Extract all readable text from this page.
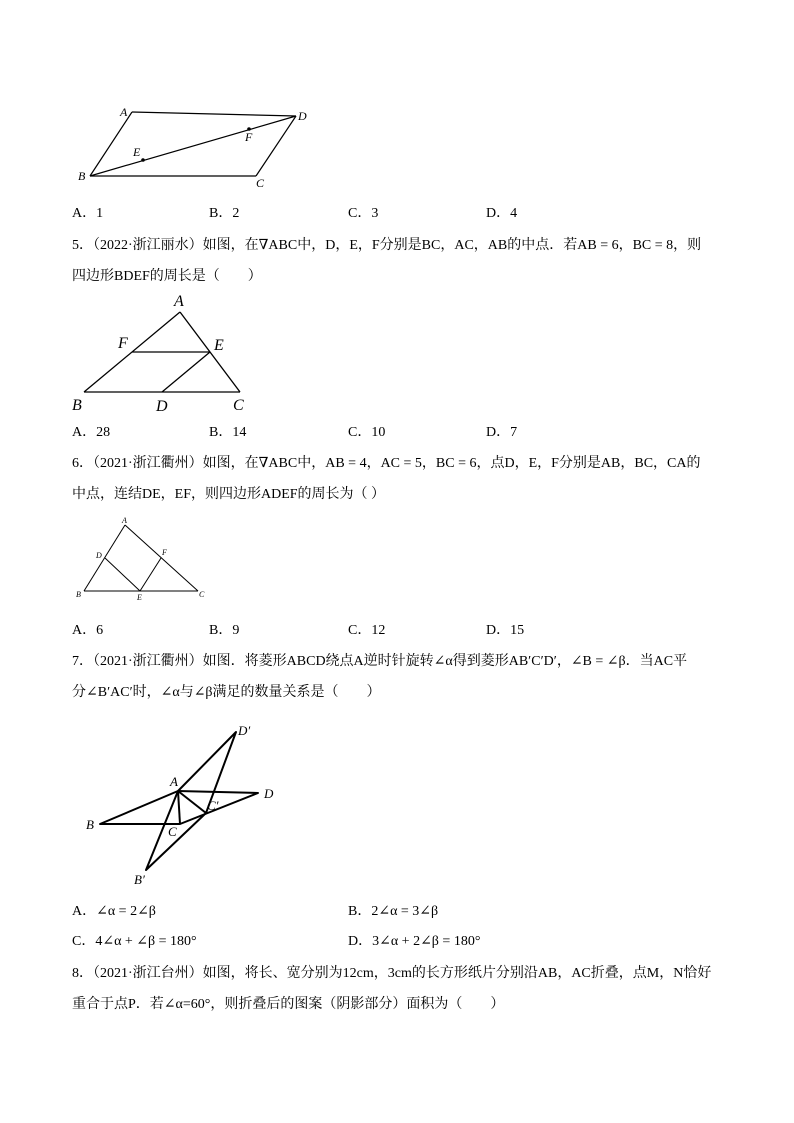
A	D
B	C
E
F
A．1	B．2	C．3	D．4
5．（2022·浙江丽水）如图，在∇ABC中，D，E，F分别是BC，AC，AB的中点．若AB = 6，BC = 8，则
四边形BDEF的周长是（　　）
A
F	E
B	D	C
A．28	B．14	C．10	D．7
6．（2021·浙江衢州）如图，在∇ABC中，AB = 4，AC = 5，BC = 6，点D，E，F分别是AB，BC，CA的
中点，连结DE，EF，则四边形ADEF的周长为（ ）
A
D	F
B	E	C
A．6	B．9	C．12	D．15
7．（2021·浙江衢州）如图．将菱形ABCD绕点A逆时针旋转∠α得到菱形AB′C′D′，∠B = ∠β．当AC平
分∠B′AC′时，∠α与∠β满足的数量关系是（　　）
A
D′
D
B	C
C′
B′
A．∠α = 2∠β	B．2∠α = 3∠β
C．4∠α + ∠β = 180°	D．3∠α + 2∠β = 180°
8．（2021·浙江台州）如图，将长、宽分别为12cm，3cm的长方形纸片分别沿AB，AC折叠，点M，N恰好
重合于点P．若∠α=60°，则折叠后的图案（阴影部分）面积为（　　）
